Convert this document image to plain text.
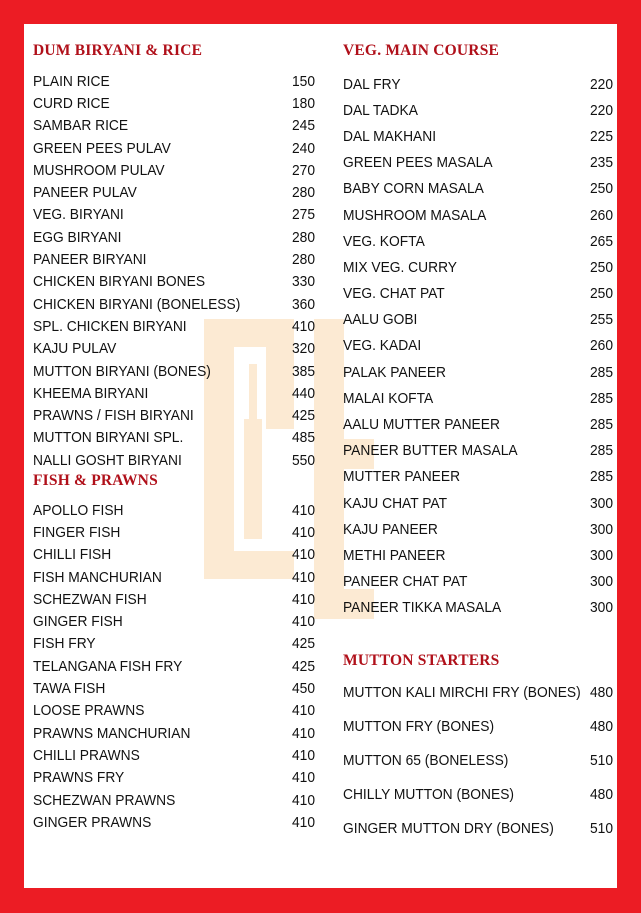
DUM BIRYANI & RICE
PLAIN RICE	150
CURD RICE	180
SAMBAR RICE	245
GREEN PEES PULAV	240
MUSHROOM PULAV	270
PANEER PULAV	280
VEG. BIRYANI	275
EGG BIRYANI	280
PANEER BIRYANI	280
CHICKEN BIRYANI BONES	330
CHICKEN BIRYANI (BONELESS)	360
SPL. CHICKEN BIRYANI	410
KAJU PULAV	320
MUTTON BIRYANI (BONES)	385
KHEEMA BIRYANI	440
PRAWNS / FISH BIRYANI	425
MUTTON BIRYANI SPL.	485
NALLI GOSHT BIRYANI	550
FISH & PRAWNS
APOLLO FISH	410
FINGER FISH	410
CHILLI FISH	410
FISH MANCHURIAN	410
SCHEZWAN FISH	410
GINGER FISH	410
FISH FRY	425
TELANGANA FISH FRY	425
TAWA FISH	450
LOOSE PRAWNS	410
PRAWNS MANCHURIAN	410
CHILLI PRAWNS	410
PRAWNS FRY	410
SCHEZWAN PRAWNS	410
GINGER PRAWNS	410
VEG. MAIN COURSE
DAL FRY	220
DAL TADKA	220
DAL MAKHANI	225
GREEN PEES MASALA	235
BABY CORN MASALA	250
MUSHROOM MASALA	260
VEG. KOFTA	265
MIX VEG. CURRY	250
VEG. CHAT PAT	250
AALU GOBI	255
VEG. KADAI	260
PALAK PANEER	285
MALAI KOFTA	285
AALU MUTTER PANEER	285
PANEER BUTTER MASALA	285
MUTTER PANEER	285
KAJU CHAT PAT	300
KAJU PANEER	300
METHI PANEER	300
PANEER CHAT PAT	300
PANEER TIKKA MASALA	300
MUTTON STARTERS
MUTTON KALI MIRCHI FRY (BONES) 480
MUTTON FRY (BONES)	480
MUTTON 65 (BONELESS)	510
CHILLY MUTTON (BONES)	480
GINGER MUTTON DRY (BONES) 510
